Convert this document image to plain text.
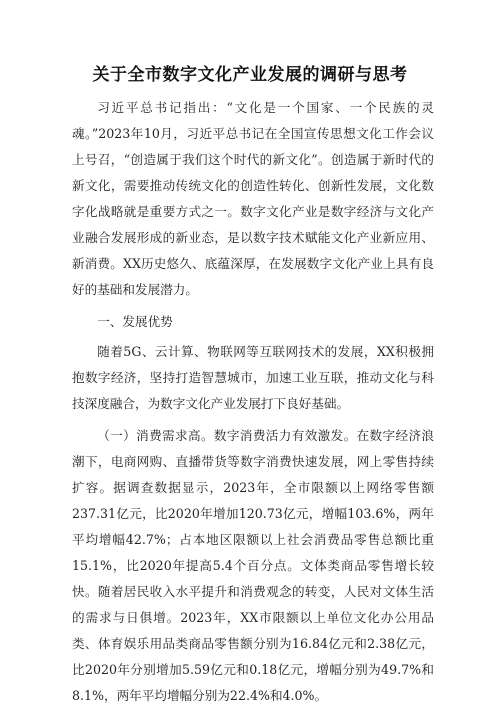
关于全市数字文化产业发展的调研与思考

习近平总书记指出：“文化是一个国家、一个民族的灵魂。”2023年10月，习近平总书记在全国宣传思想文化工作会议上号召，“创造属于我们这个时代的新文化”。创造属于新时代的新文化，需要推动传统文化的创造性转化、创新性发展，文化数字化战略就是重要方式之一。数字文化产业是数字经济与文化产业融合发展形成的新业态，是以数字技术赋能文化产业新应用、新消费。XX历史悠久、底蕴深厚，在发展数字文化产业上具有良好的基础和发展潜力。

一、发展优势

随着5G、云计算、物联网等互联网技术的发展，XX积极拥抱数字经济，坚持打造智慧城市，加速工业互联，推动文化与科技深度融合，为数字文化产业发展打下良好基础。

（一）消费需求高。数字消费活力有效激发。在数字经济浪潮下，电商网购、直播带货等数字消费快速发展，网上零售持续扩容。据调查数据显示，2023年，全市限额以上网络零售额237.31亿元，比2020年增加120.73亿元，增幅103.6%，两年平均增幅42.7%；占本地区限额以上社会消费品零售总额比重15.1%，比2020年提高5.4个百分点。文体类商品零售增长较快。随着居民收入水平提升和消费观念的转变，人民对文体生活的需求与日俱增。2023年，XX市限额以上单位文化办公用品类、体育娱乐用品类商品零售额分别为16.84亿元和2.38亿元，比2020年分别增加5.59亿元和0.18亿元，增幅分别为49.7%和8.1%，两年平均增幅分别为22.4%和4.0%。
